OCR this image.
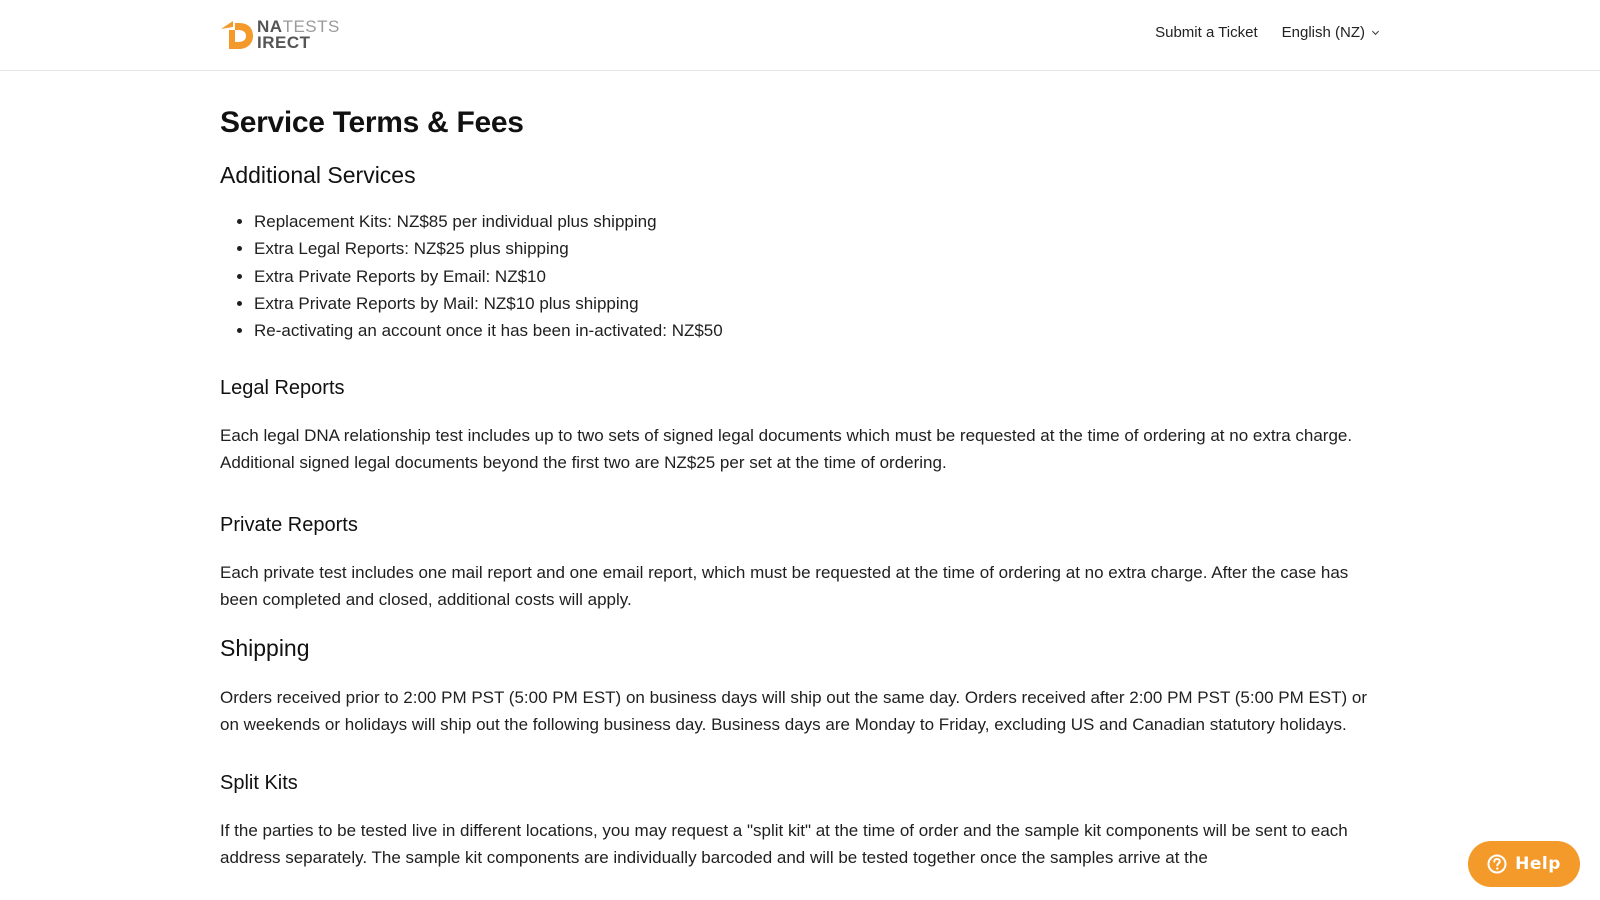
NATESTS
IRECT	Submit a Ticket English (NZ)
Service Terms & Fees
Additional Services
• Replacement Kits: NZ$85 per individual plus shipping
• Extra Legal Reports: NZ$25 plus shipping
• Extra Private Reports by Email: NZ$10
• Extra Private Reports by Mail: NZ$10 plus shipping
• Re-activating an account once it has been in-activated: NZ$50
Legal Reports

Each legal DNA relationship test includes up to two sets of signed legal documents which must be requested at the time of ordering at no extra charge. Additional signed legal documents beyond the first two are NZ$25 per set at the time of ordering.

Private Reports

Each private test includes one mail report and one email report, which must be requested at the time of ordering at no extra charge. After the case has been completed and closed, additional costs will apply.

Shipping

Orders received prior to 2:00 PM PST (5:00 PM EST) on business days will ship out the same day. Orders received after 2:00 PM PST (5:00 PM EST) or on weekends or holidays will ship out the following business day. Business days are Monday to Friday, excluding US and Canadian statutory holidays.

Split Kits

If the parties to be tested live in different locations, you may request a "split kit" at the time of order and the sample kit components will be sent to each address separately. The sample kit components are individually barcoded and will be tested together once the samples arrive at the	Help
